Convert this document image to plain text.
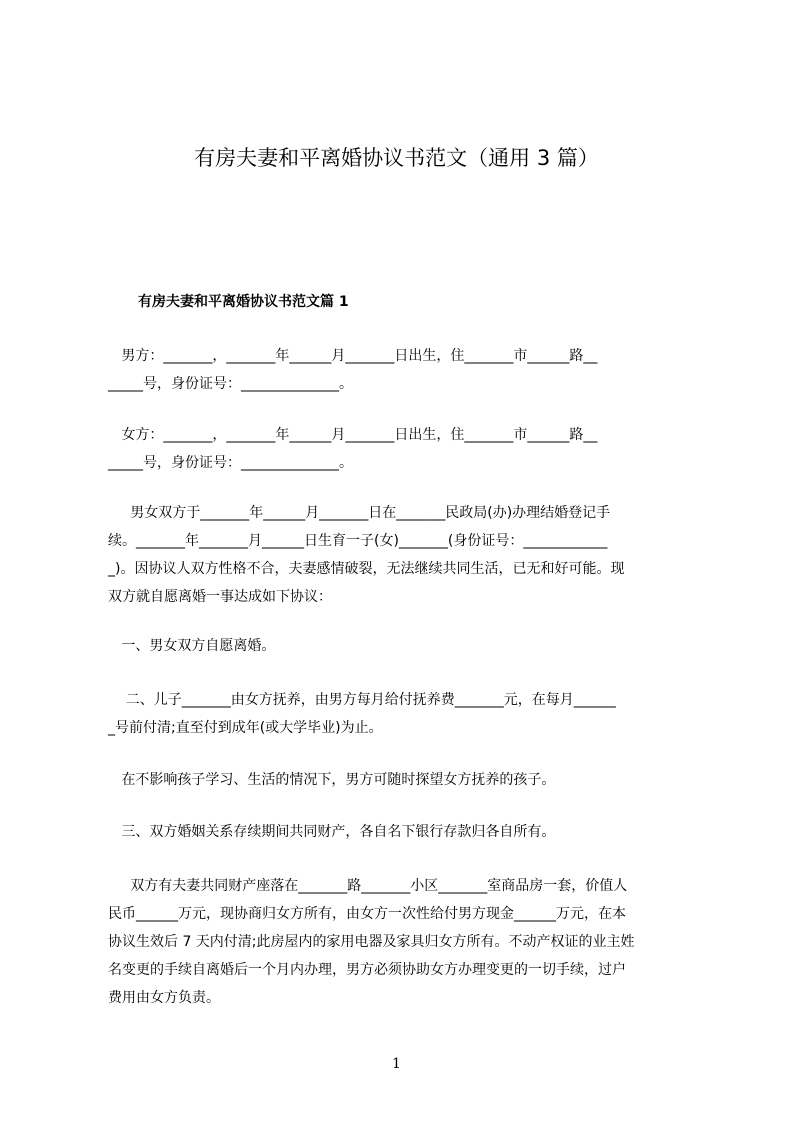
有房夫妻和平离婚协议书范文（通用 3 篇）
有房夫妻和平离婚协议书范文篇 1
男方：_______，_______年______月_______日出生，住_______市______路__
_____号，身份证号：______________。
女方：_______，_______年______月_______日出生，住_______市______路__
_____号，身份证号：______________。
男女双方于_______年______月_______日在_______民政局(办)办理结婚登记手
续。_______年_______月______日生育一子(女)_______(身份证号：____________
_)。因协议人双方性格不合，夫妻感情破裂，无法继续共同生活，已无和好可能。现
双方就自愿离婚一事达成如下协议：
一、男女双方自愿离婚。
二、儿子_______由女方抚养，由男方每月给付抚养费_______元，在每月______
_号前付清;直至付到成年(或大学毕业)为止。
在不影响孩子学习、生活的情况下，男方可随时探望女方抚养的孩子。
三、双方婚姻关系存续期间共同财产，各自名下银行存款归各自所有。
双方有夫妻共同财产座落在_______路_______小区_______室商品房一套，价值人
民币______万元，现协商归女方所有，由女方一次性给付男方现金______万元，在本
协议生效后 7 天内付清;此房屋内的家用电器及家具归女方所有。不动产权证的业主姓
名变更的手续自离婚后一个月内办理，男方必须协助女方办理变更的一切手续，过户
费用由女方负责。
1
